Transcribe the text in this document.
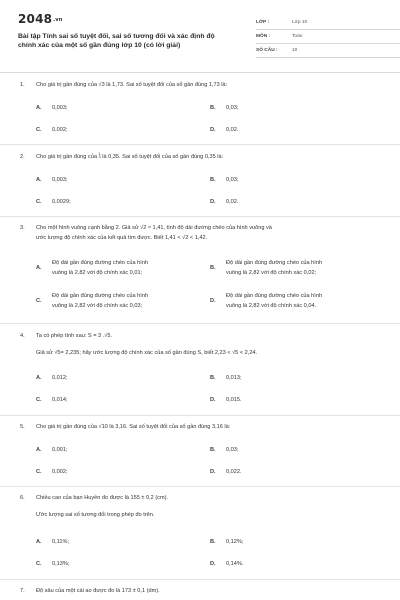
2048.vn
Bài tập Tính sai số tuyệt đối, sai số tương đối và xác định độ chính xác của một số gần đúng lớp 10 (có lời giải)
LỚP :	Lớp 10
MÔN :	Toán
SỐ CÂU :	10
1. Cho giá trị gần đúng của √3 là 1,73. Sai số tuyệt đối của số gần đúng 1,73 là:
A. 0,003;	B. 0,03;
C. 0,002;	D. 0,02.
2. Cho giá trị gần đúng của 1
3 là 0,35. Sai số tuyệt đối của số gần đúng 0,35 là:
A. 0,003;	B. 0,03;
C. 0,0029;	D. 0,02.
3. Cho một hình vuông cạnh bằng 2. Giả sử √2 ≈ 1,41, tính độ dài đường chéo của hình vuông và
ước lượng độ chính xác của kết quả tìm được. Biết 1,41 < √2 < 1,42.
A.
Độ dài gần đúng đường chéo của hình
vuông là 2,82 với độ chính xác 0,01;
B.
Độ dài gần đúng đường chéo của hình
vuông là 2,82 với độ chính xác 0,02;
C.
Độ dài gần đúng đường chéo của hình
vuông là 2,82 với độ chính xác 0,03;
D.
Độ dài gần đúng đường chéo của hình
vuông là 2,82 với độ chính xác 0,04.
4. Ta có phép tính sau: S = 3 .√5.
Giả sử √5= 2,235; hãy ước lượng độ chính xác của số gần đúng S, biết 2,23 < √5 < 2,24.
A. 0,012;	B. 0,013;
C. 0,014;	D. 0,015.
5. Cho giá trị gần đúng của √10 là 3,16. Sai số tuyệt đối của số gần đúng 3,16 là:
A. 0,001;	B. 0,03;
C. 0,002;	D. 0,022.
6. Chiều cao của bạn Huyền đo được là 155 ± 0,2 (cm).
Ước lượng sai số tương đối trong phép đo trên.
A. 0,11%;	B. 0,12%;
C. 0,13%;	D. 0,14%.
7. Độ sâu của một cái ao được đo là 173 ± 0,1 (dm).
